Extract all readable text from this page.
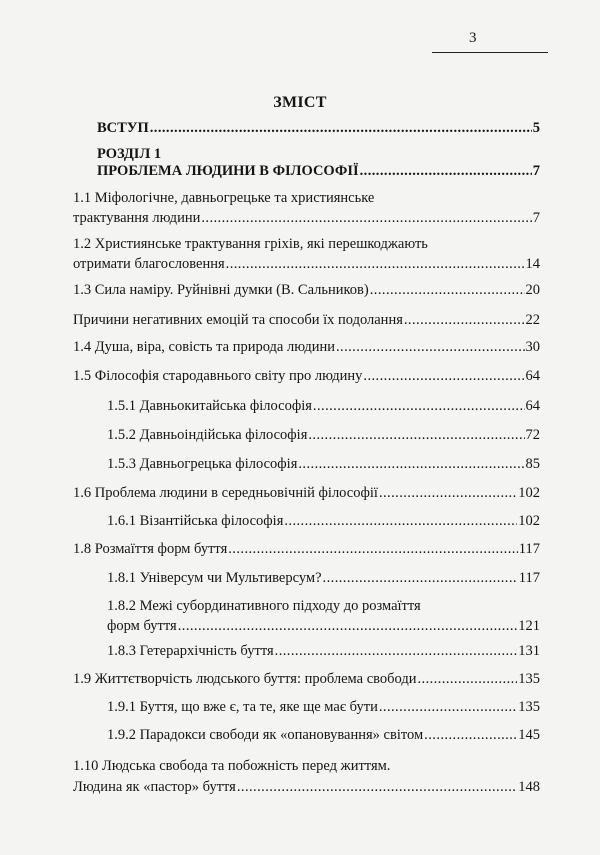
3
ЗМІСТ
ВСТУП . . .	5
РОЗДІЛ 1
ПРОБЛЕМА ЛЮДИНИ В ФІЛОСОФІЇ . . .	7
1.1 Міфологічне, давньогрецьке та християнське
трактування людини . . .	7
1.2 Християнське трактування гріхів, які перешкоджають
отримати благословення . . .	14
1.3 Сила наміру. Руйнівні думки (В. Сальников) . . .	20
Причини негативних емоцій та способи їх подолання . . .	22
1.4 Душа, віра, совість та природа людини . . .	30
1.5 Філософія стародавнього світу про людину . . .	64
1.5.1 Давньокитайська філософія . . .	64
1.5.2 Давньоіндійська філософія . . .	72
1.5.3 Давньогрецька філософія . . .	85
1.6 Проблема людини в середньовічній філософії . . .	102
1.6.1 Візантійська філософія . . .	102
1.8 Розмаїття форм буття . . .	117
1.8.1 Універсум чи Мультиверсум? . . .	117
1.8.2 Межі субординативного підходу до розмаїття
форм буття . . .	121
1.8.3 Гетерархічність буття . . .	131
1.9 Життєтворчість людського буття: проблема свободи . . .	135
1.9.1 Буття, що вже є, та те, яке ще має бути . . .	135
1.9.2 Парадокси свободи як «опановування» світом . . .	145
1.10 Людська свобода та побожність перед життям.
Людина як «пастор» буття . . .	148
